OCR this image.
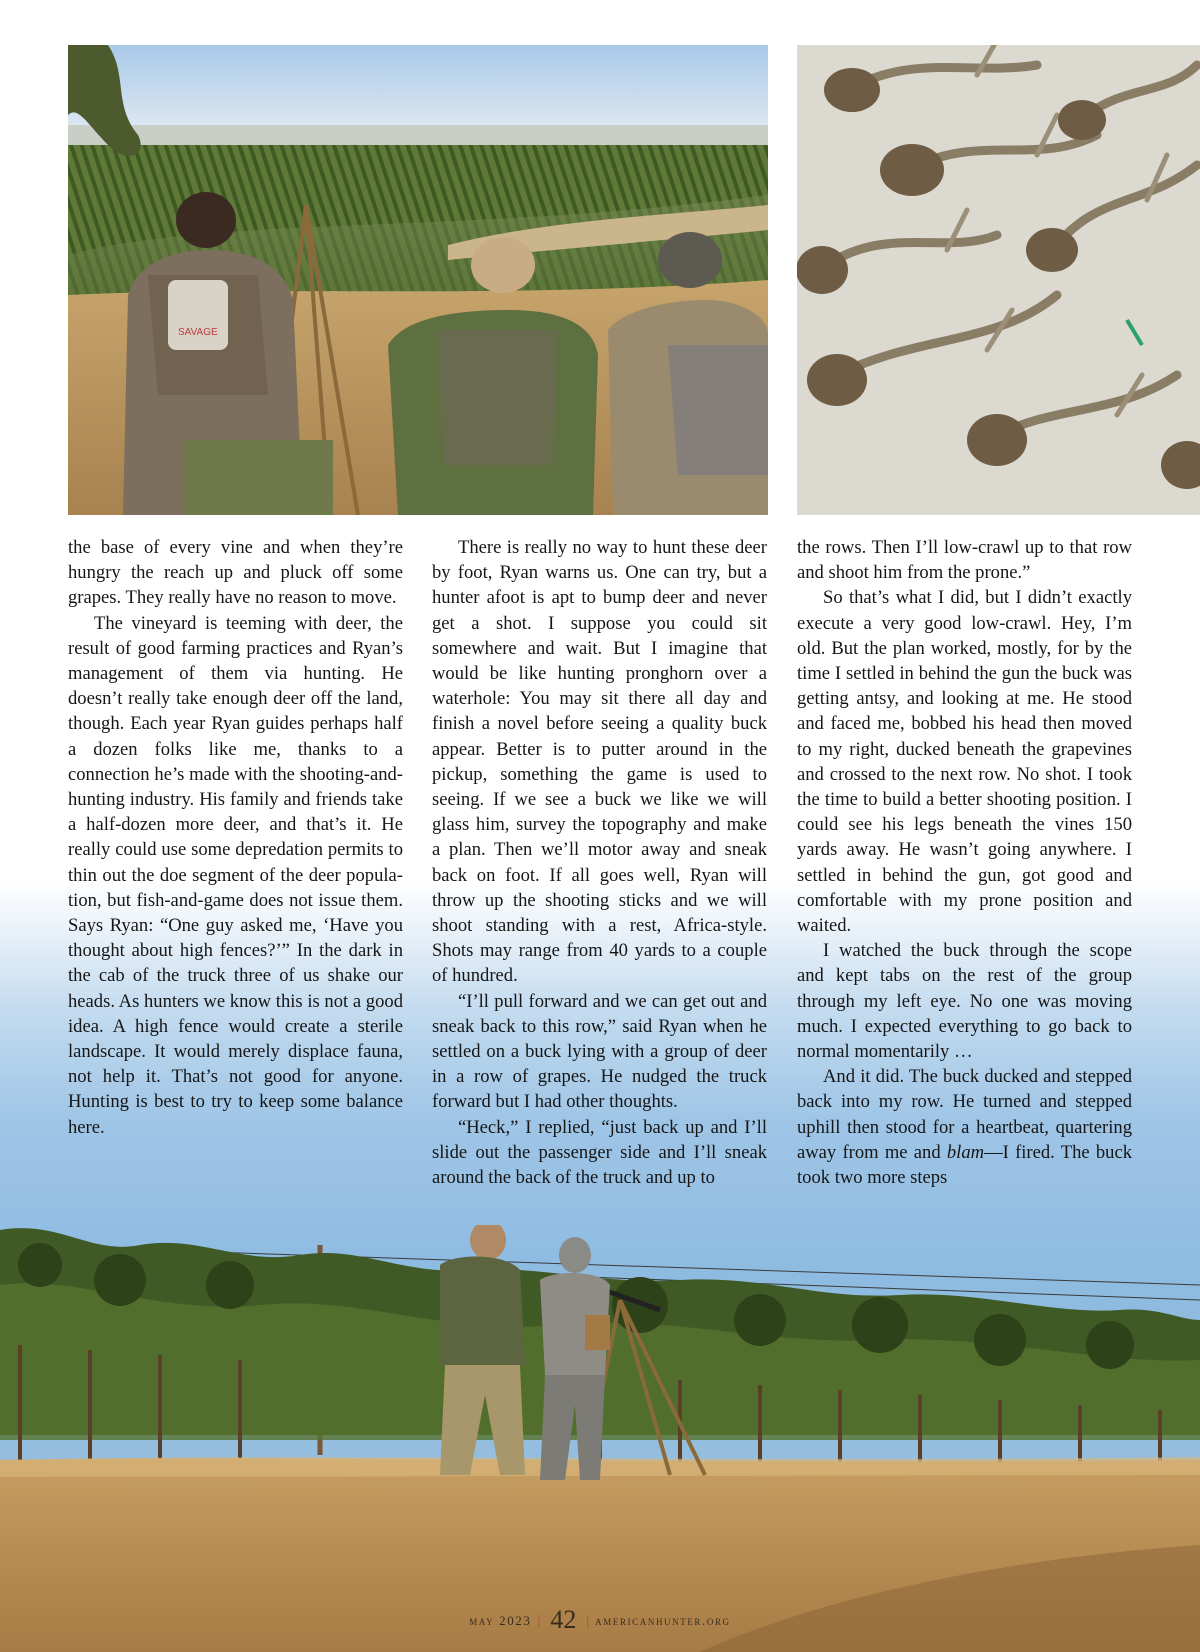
SAVAGE

the base of every vine and when they’re hungry the reach up and pluck off some grapes. They really have no reason to move.

The vineyard is teeming with deer, the result of good farming practices and Ryan’s management of them via hunting. He doesn’t really take enough deer off the land, though. Each year Ryan guides perhaps half a dozen folks like me, thanks to a connection he’s made with the shooting-and-hunting industry. His family and friends take a half-dozen more deer, and that’s it. He really could use some depredation permits to thin out the doe segment of the deer population, but fish-and-game does not issue them. Says Ryan: “One guy asked me, ‘Have you thought about high fences?’” In the dark in the cab of the truck three of us shake our heads. As hunters we know this is not a good idea. A high fence would create a sterile landscape. It would merely displace fauna, not help it. That’s not good for anyone. Hunting is best to try to keep some balance here.

There is really no way to hunt these deer by foot, Ryan warns us. One can try, but a hunter afoot is apt to bump deer and never get a shot. I suppose you could sit somewhere and wait. But I imagine that would be like hunting pronghorn over a waterhole: You may sit there all day and finish a novel before seeing a quality buck appear. Better is to putter around in the pickup, something the game is used to seeing. If we see a buck we like we will glass him, survey the topography and make a plan. Then we’ll motor away and sneak back on foot. If all goes well, Ryan will throw up the shooting sticks and we will shoot standing with a rest, Africa-style. Shots may range from 40 yards to a couple of hundred.

“I’ll pull forward and we can get out and sneak back to this row,” said Ryan when he settled on a buck lying with a group of deer in a row of grapes. He nudged the truck forward but I had other thoughts.

“Heck,” I replied, “just back up and I’ll slide out the passenger side and I’ll sneak around the back of the truck and up to

the rows. Then I’ll low-crawl up to that row and shoot him from the prone.”

So that’s what I did, but I didn’t exactly execute a very good low-crawl. Hey, I’m old. But the plan worked, mostly, for by the time I settled in behind the gun the buck was getting antsy, and looking at me. He stood and faced me, bobbed his head then moved to my right, ducked beneath the grapevines and crossed to the next row. No shot. I took the time to build a better shooting position. I could see his legs beneath the vines 150 yards away. He wasn’t going anywhere. I settled in behind the gun, got good and comfortable with my prone position and waited.

I watched the buck through the scope and kept tabs on the rest of the group through my left eye. No one was moving much. I expected everything to go back to normal momentarily …

And it did. The buck ducked and stepped back into my row. He turned and stepped uphill then stood for a heartbeat, quartering away from me and blam—I fired. The buck took two more steps

may 2023 | 42 | americanhunter.org
